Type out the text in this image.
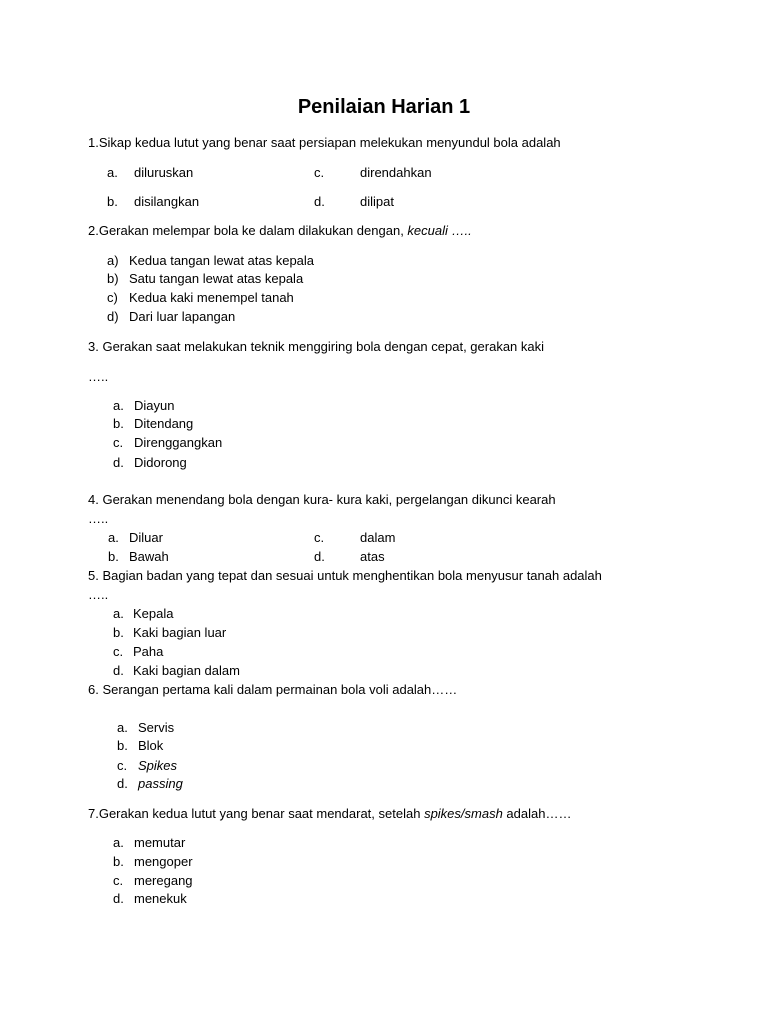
Penilaian Harian 1
1.Sikap kedua lutut yang benar saat persiapan melekukan menyundul bola adalah
a. diluruskan	c.	direndahkan
b. disilangkan	d.	dilipat
2.Gerakan melempar bola ke dalam dilakukan dengan, kecuali …..
a) Kedua tangan lewat atas kepala
b) Satu tangan lewat atas kepala
c) Kedua kaki menempel tanah
d) Dari luar lapangan
3. Gerakan saat melakukan teknik menggiring bola dengan cepat, gerakan kaki
…..
a. Diayun
b. Ditendang
c. Direnggangkan
d. Didorong
4. Gerakan menendang bola dengan kura- kura kaki, pergelangan dikunci kearah
…..
a. Diluar	c.	dalam
b. Bawah	d.	atas
5. Bagian badan yang tepat dan sesuai untuk menghentikan bola menyusur tanah adalah
…..
a. Kepala
b. Kaki bagian luar
c. Paha
d. Kaki bagian dalam
6. Serangan pertama kali dalam permainan bola voli adalah……
a. Servis
b. Blok
c. Spikes
d. passing
7.Gerakan kedua lutut yang benar saat mendarat, setelah spikes/smash adalah……
a. memutar
b. mengoper
c. meregang
d. menekuk
